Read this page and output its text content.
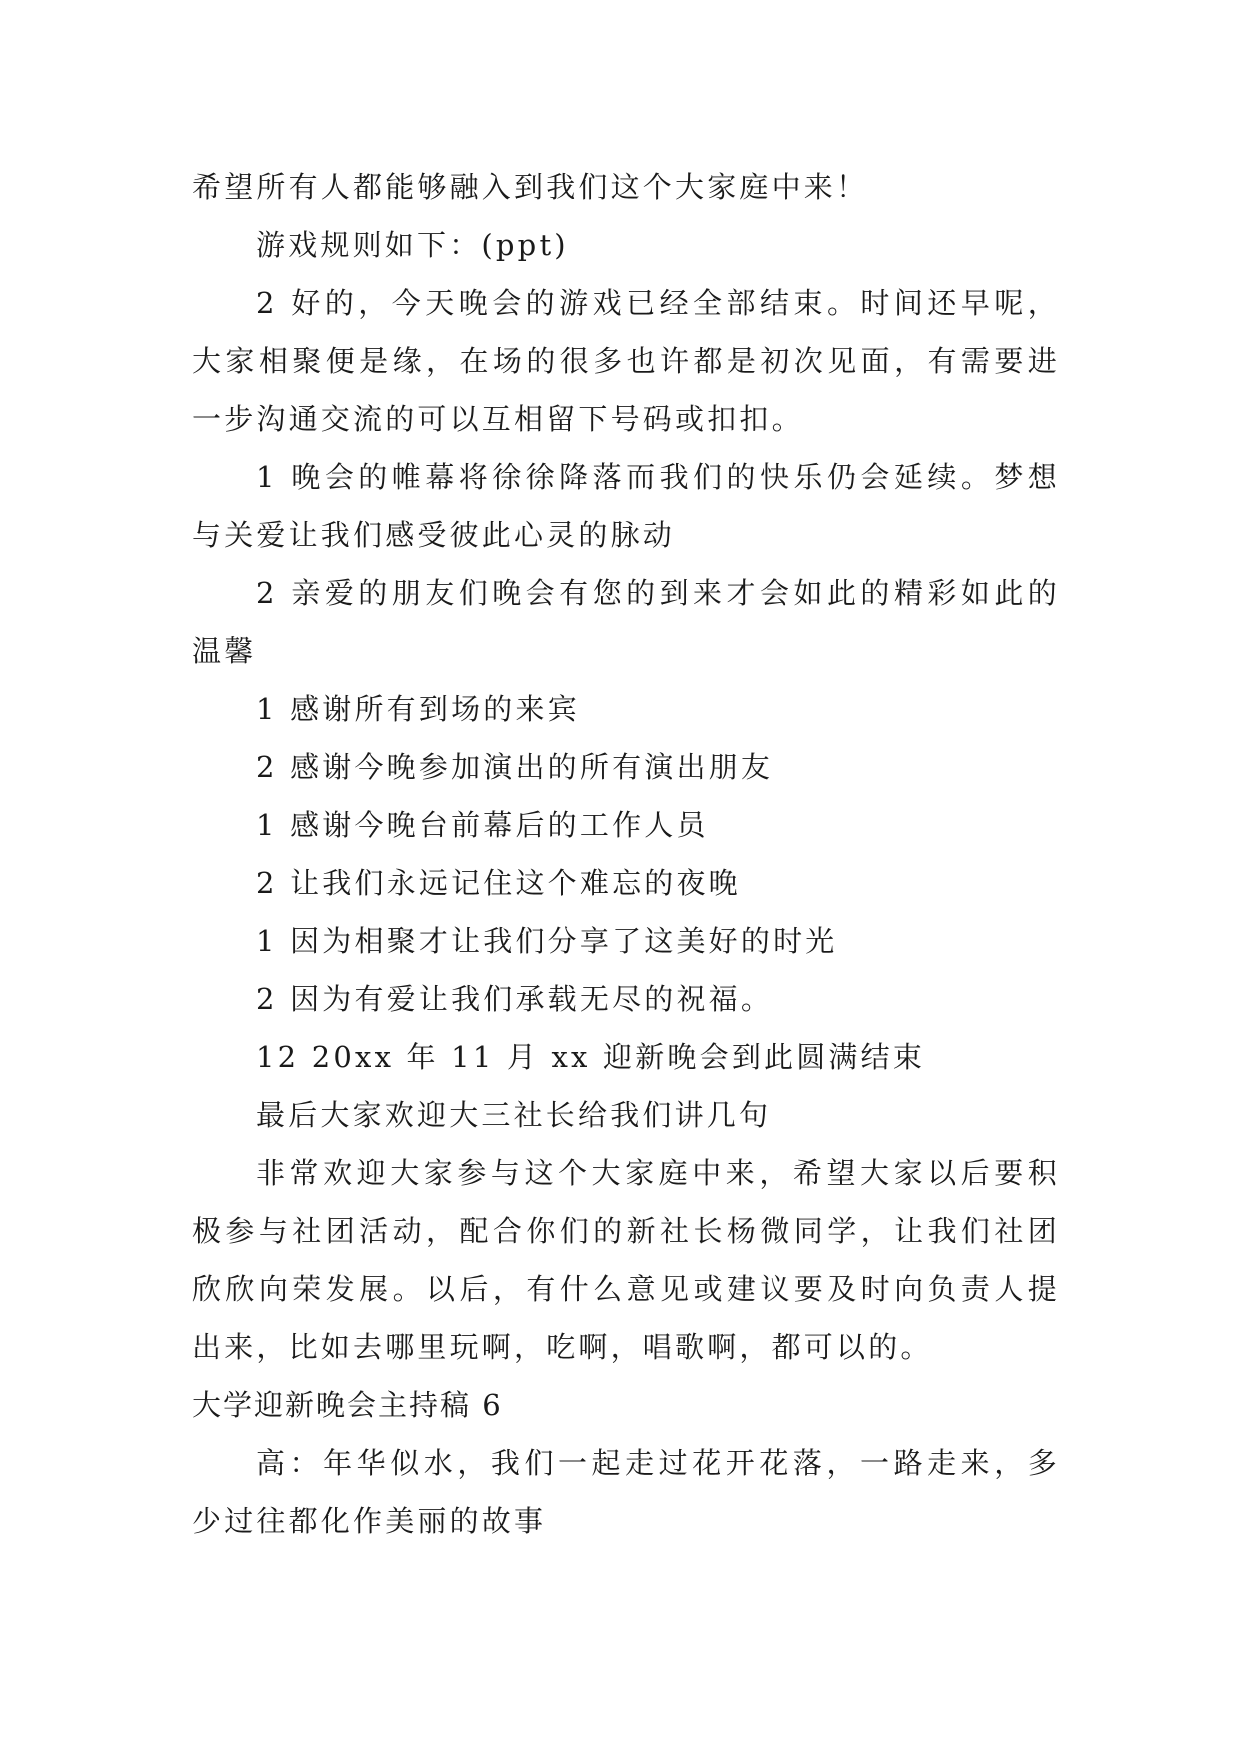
希望所有人都能够融入到我们这个大家庭中来！

游戏规则如下：(ppt)

2 好的，今天晚会的游戏已经全部结束。时间还早呢，大家相聚便是缘，在场的很多也许都是初次见面，有需要进一步沟通交流的可以互相留下号码或扣扣。

1 晚会的帷幕将徐徐降落而我们的快乐仍会延续。梦想与关爱让我们感受彼此心灵的脉动

2 亲爱的朋友们晚会有您的到来才会如此的精彩如此的温馨

1 感谢所有到场的来宾

2 感谢今晚参加演出的所有演出朋友

1 感谢今晚台前幕后的工作人员

2 让我们永远记住这个难忘的夜晚

1 因为相聚才让我们分享了这美好的时光

2 因为有爱让我们承载无尽的祝福。

12 20xx 年 11 月 xx 迎新晚会到此圆满结束

最后大家欢迎大三社长给我们讲几句

非常欢迎大家参与这个大家庭中来，希望大家以后要积极参与社团活动，配合你们的新社长杨微同学，让我们社团欣欣向荣发展。以后，有什么意见或建议要及时向负责人提出来，比如去哪里玩啊，吃啊，唱歌啊，都可以的。

大学迎新晚会主持稿 6

高：年华似水，我们一起走过花开花落，一路走来，多少过往都化作美丽的故事
